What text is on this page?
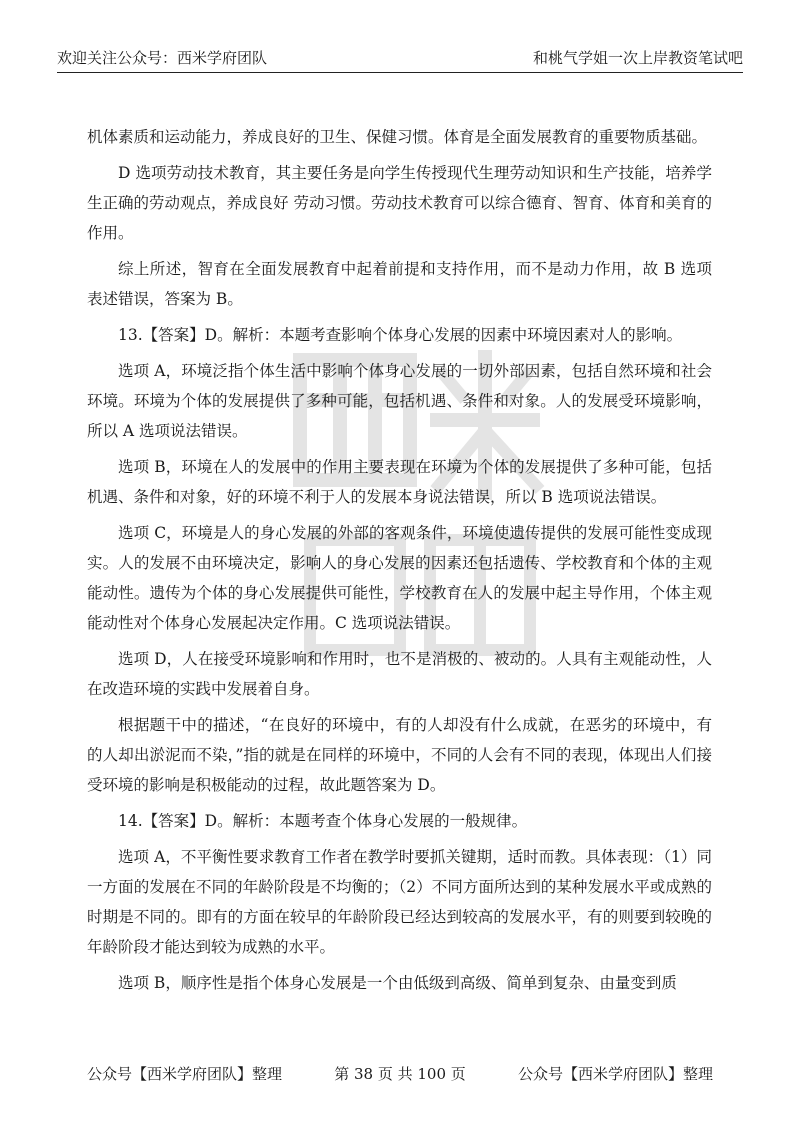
欢迎关注公众号：西米学府团队	和桃气学姐一次上岸教资笔试吧

机体素质和运动能力，养成良好的卫生、保健习惯。体育是全面发展教育的重要物质基础。

D 选项劳动技术教育，其主要任务是向学生传授现代生理劳动知识和生产技能，培养学生正确的劳动观点，养成良好 劳动习惯。劳动技术教育可以综合德育、智育、体育和美育的作用。

综上所述，智育在全面发展教育中起着前提和支持作用，而不是动力作用，故 B 选项表述错误，答案为 B。

13.【答案】D。解析：本题考查影响个体身心发展的因素中环境因素对人的影响。

选项 A，环境泛指个体生活中影响个体身心发展的一切外部因素，包括自然环境和社会环境。环境为个体的发展提供了多种可能，包括机遇、条件和对象。人的发展受环境影响，所以 A 选项说法错误。

选项 B，环境在人的发展中的作用主要表现在环境为个体的发展提供了多种可能，包括机遇、条件和对象，好的环境不利于人的发展本身说法错误，所以 B 选项说法错误。

选项 C，环境是人的身心发展的外部的客观条件，环境使遗传提供的发展可能性变成现实。人的发展不由环境决定，影响人的身心发展的因素还包括遗传、学校教育和个体的主观能动性。遗传为个体的身心发展提供可能性，学校教育在人的发展中起主导作用，个体主观能动性对个体身心发展起决定作用。C 选项说法错误。

选项 D，人在接受环境影响和作用时，也不是消极的、被动的。人具有主观能动性，人在改造环境的实践中发展着自身。

根据题干中的描述，“在良好的环境中，有的人却没有什么成就，在恶劣的环境中，有的人却出淤泥而不染，”指的就是在同样的环境中，不同的人会有不同的表现，体现出人们接受环境的影响是积极能动的过程，故此题答案为 D。

14.【答案】D。解析：本题考查个体身心发展的一般规律。

选项 A，不平衡性要求教育工作者在教学时要抓关键期，适时而教。具体表现：（1）同一方面的发展在不同的年龄阶段是不均衡的；（2）不同方面所达到的某种发展水平或成熟的时期是不同的。即有的方面在较早的年龄阶段已经达到较高的发展水平，有的则要到较晚的年龄阶段才能达到较为成熟的水平。

选项 B，顺序性是指个体身心发展是一个由低级到高级、简单到复杂、由量变到质

公众号【西米学府团队】整理	第 38 页 共 100 页	公众号【西米学府团队】整理
